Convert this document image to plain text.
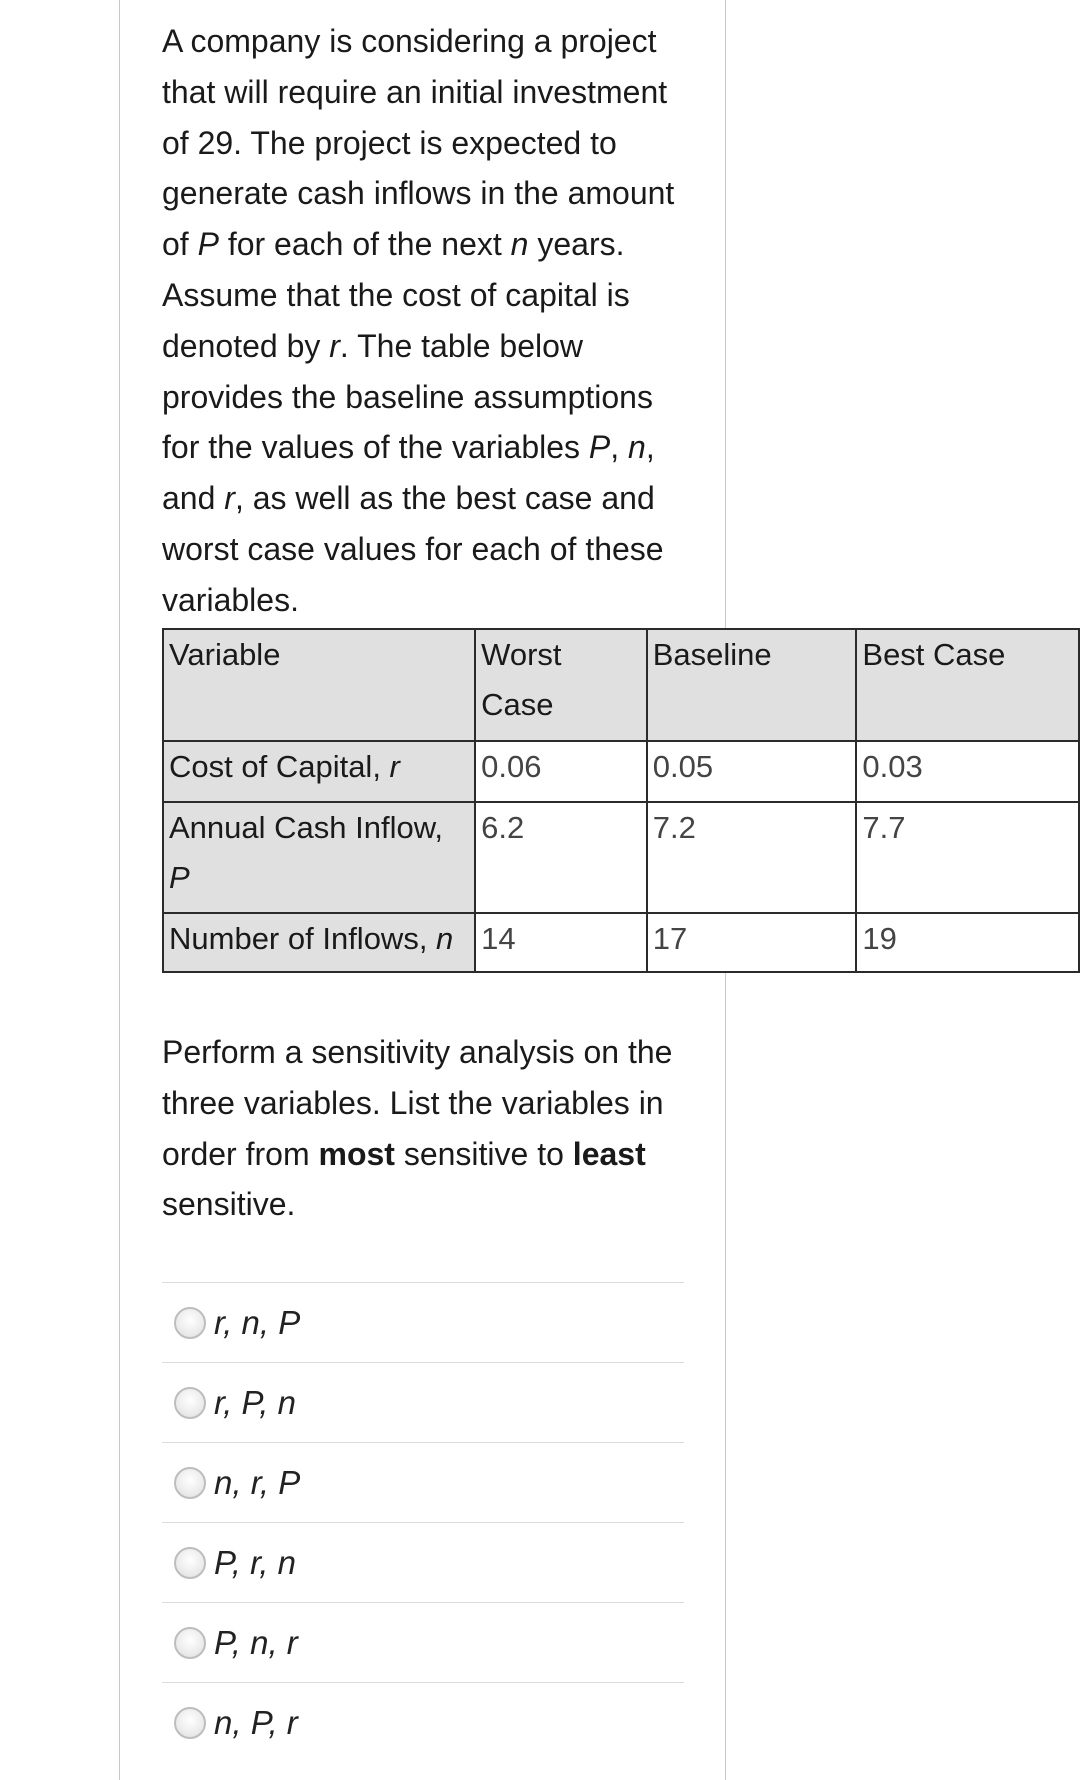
A company is considering a project that will require an initial investment of 29. The project is expected to generate cash inflows in the amount of P for each of the next n years. Assume that the cost of capital is denoted by r. The table below provides the baseline assumptions for the values of the variables P, n, and r, as well as the best case and worst case values for each of these variables.

Variable	Worst Case	Baseline	Best Case
Cost of Capital, r	0.06	0.05	0.03
Annual Cash Inflow, P	6.2	7.2	7.7
Number of Inflows, n	14	17	19

Perform a sensitivity analysis on the three variables. List the variables in order from most sensitive to least sensitive.

r, n, P
r, P, n
n, r, P
P, r, n
P, n, r
n, P, r
